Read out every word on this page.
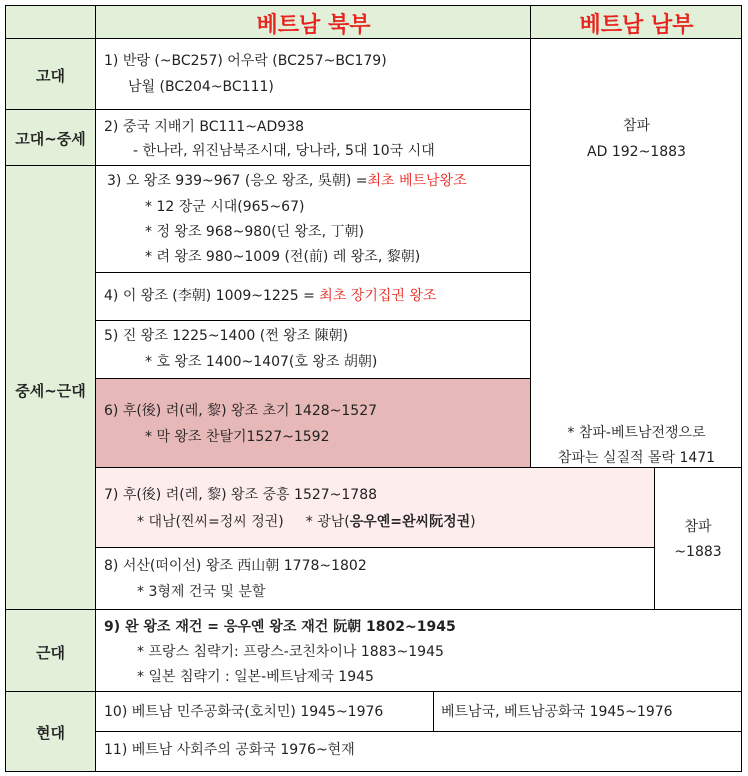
베트남 북부	베트남 남부
고대
고대~중세
중세~근대
근대
현대
1) 반랑 (~BC257) 어우락 (BC257~BC179)
남월 (BC204~BC111)
2) 중국 지배기 BC111~AD938
- 한나라, 위진남북조시대, 당나라, 5대 10국 시대
3) 오 왕조 939~967 (응오 왕조, 吳朝) =최초 베트남왕조
* 12 장군 시대(965~67)
* 정 왕조 968~980(딘 왕조, 丁朝)
* 려 왕조 980~1009 (전(前) 레 왕조, 黎朝)
4) 이 왕조 (李朝) 1009~1225 = 최초 장기집권 왕조
5) 진 왕조 1225~1400 (쩐 왕조 陳朝)
* 호 왕조 1400~1407(호 왕조 胡朝)
6) 후(後) 려(레, 黎) 왕조 초기 1428~1527
* 막 왕조 찬탈기1527~1592
7) 후(後) 려(레, 黎) 왕조 중흥 1527~1788
* 대남(찐씨=정씨 정권) * 광남(응우옌=완씨阮정권)
8) 서산(떠이선) 왕조 西山朝 1778~1802
* 3형제 건국 및 분할
9) 완 왕조 재건 = 응우옌 왕조 재건 阮朝 1802~1945
* 프랑스 침략기: 프랑스-코친차이나 1883~1945
* 일본 침략기 : 일본-베트남제국 1945
10) 베트남 민주공화국(호치민) 1945~1976	베트남국, 베트남공화국 1945~1976
11) 베트남 사회주의 공화국 1976~현재
참파
AD 192~1883
* 참파-베트남전쟁으로
참파는 실질적 몰락 1471
참파
~1883
